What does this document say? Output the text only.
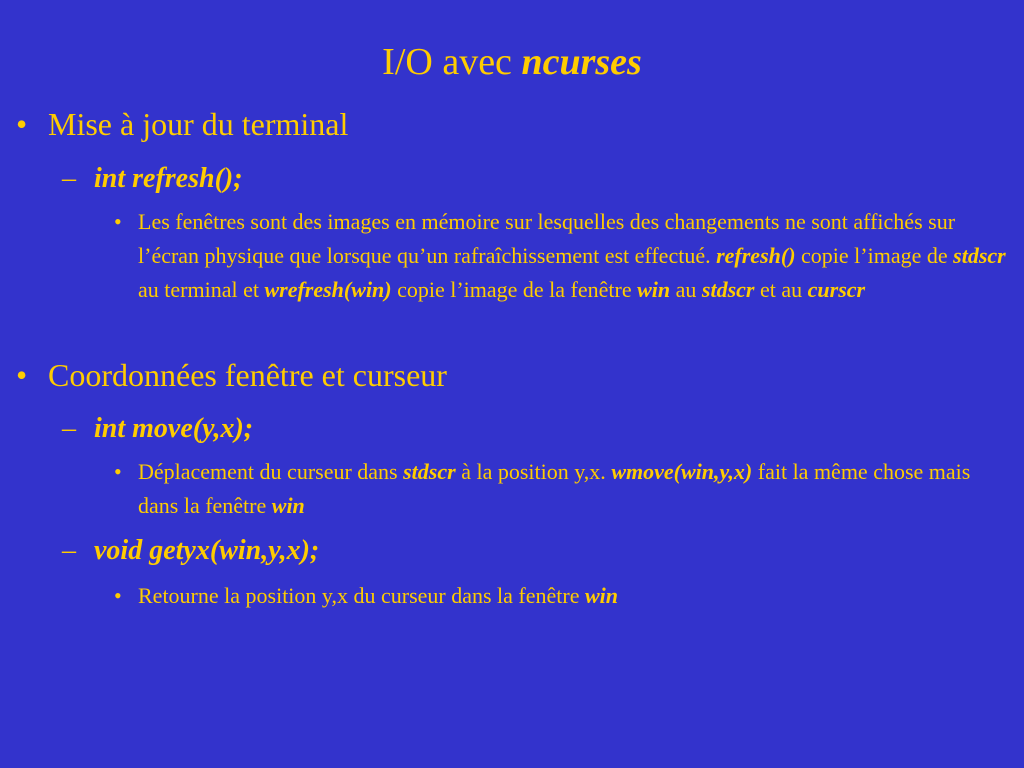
I/O avec ncurses
• Mise à jour du terminal
– int refresh();
• Les fenêtres sont des images en mémoire sur lesquelles des changements ne sont affichés sur l’écran physique que lorsque qu’un rafraîchissement est effectué. refresh() copie l’image de stdscr au terminal et wrefresh(win) copie l’image de la fenêtre win au stdscr et au curscr
• Coordonnées fenêtre et curseur
– int move(y,x);
• Déplacement du curseur dans stdscr à la position y,x. wmove(win,y,x) fait la même chose mais dans la fenêtre win
– void getyx(win,y,x);
• Retourne la position y,x du curseur dans la fenêtre win
